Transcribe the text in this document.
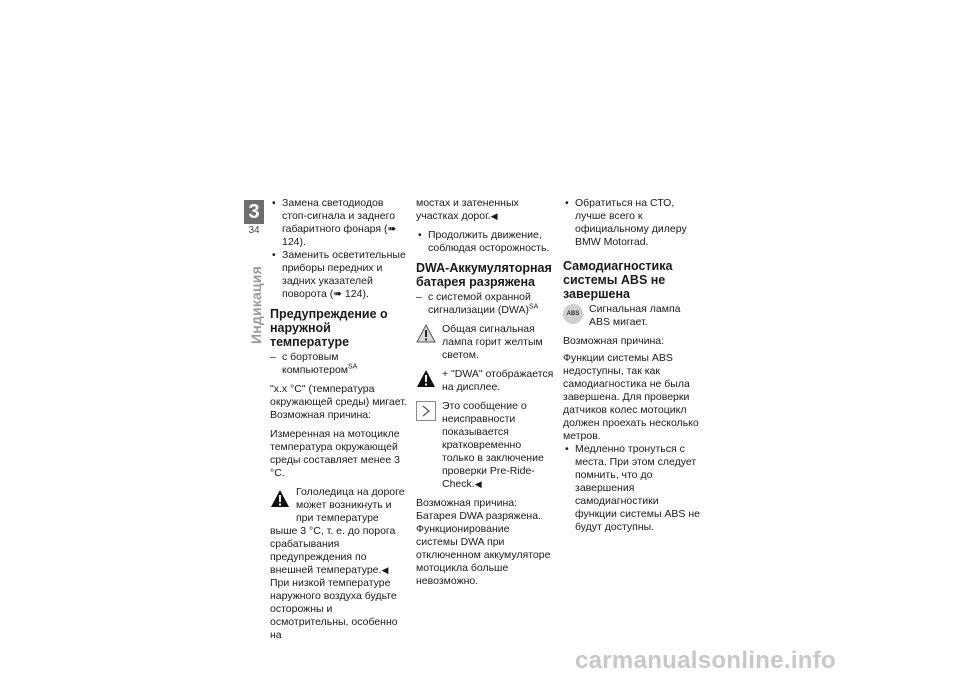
3
34
Индикация
• Замена светодиодов стоп-сигнала и заднего габаритного фонаря (➠ 124).
• Заменить осветительные приборы передних и задних указателей поворота (➠ 124).
Предупреждение о наружной температуре
– с бортовым компьютером$^{SA}$
"x.x °C" (температура окружающей среды) мигает.
Возможная причина:
Измеренная на мотоцикле температура окружающей среды составляет менее 3 °C.
Гололедица на дороге может возникнуть и при температуре выше 3 °C, т. е. до порога срабатывания предупреждения по внешней температуре.◀
При низкой температуре наружного воздуха будьте осторожны и осмотрительны, особенно на
мостах и затененных участках дорог.◀
• Продолжить движение, соблюдая осторожность.
DWA-Аккумуляторная батарея разряжена
– с системой охранной сигнализации (DWA)$^{SA}$
Общая сигнальная лампа горит желтым светом.
+ "DWA" отображается на дисплее.
Это сообщение о неисправности показывается кратковременно только в заключение проверки Pre-Ride-Check.◀
Возможная причина:
Батарея DWA разряжена. Функционирование системы DWA при отключенном аккумуляторе мотоцикла больше невозможно.
• Обратиться на СТО, лучше всего к официальному дилеру BMW Motorrad.
Самодиагностика системы ABS не завершена
ABS Сигнальная лампа ABS мигает.
Возможная причина:
Функции системы ABS недоступны, так как самодиагностика не была завершена. Для проверки датчиков колес мотоцикл должен проехать несколько метров.
• Медленно тронуться с места. При этом следует помнить, что до завершения самодиагностики функции системы ABS не будут доступны.
carmanualsonline.info
